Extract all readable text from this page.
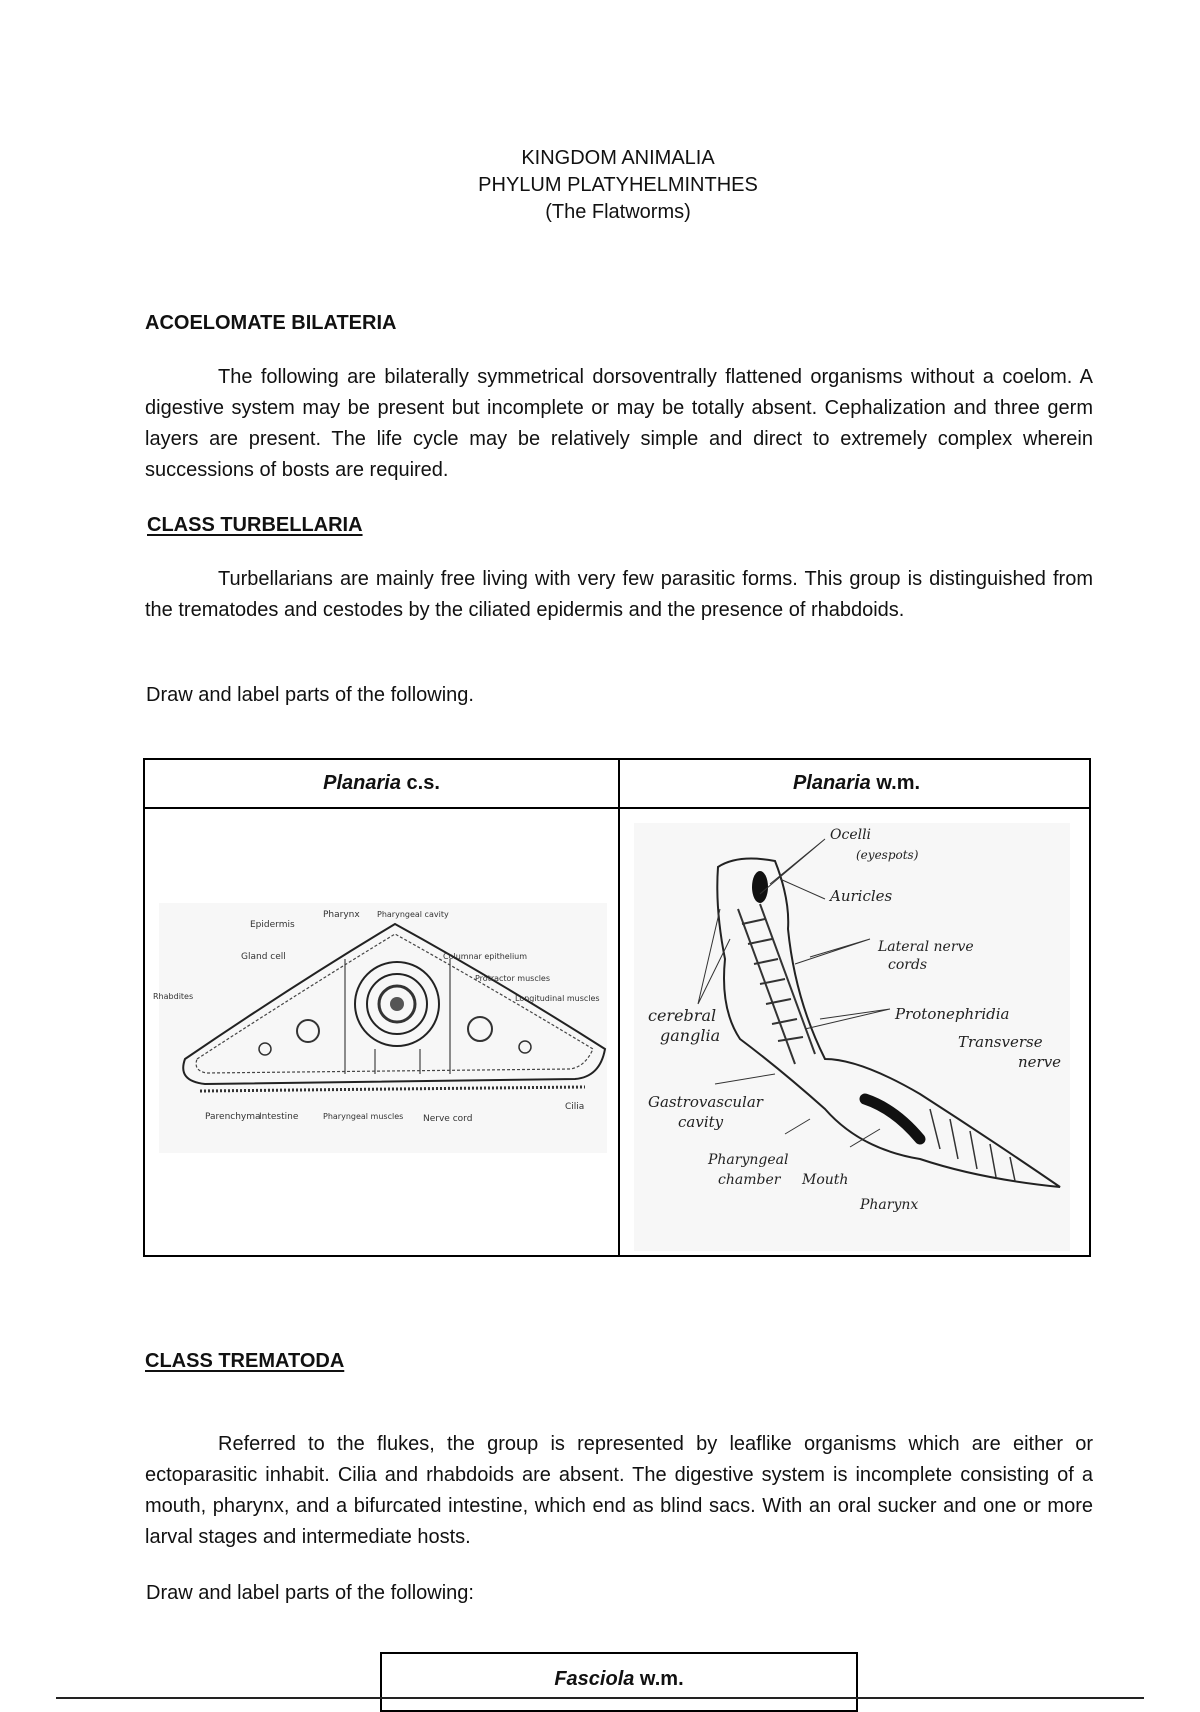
KINGDOM ANIMALIA
PHYLUM PLATYHELMINTHES
(The Flatworms)
ACOELOMATE BILATERIA
The following are bilaterally symmetrical dorsoventrally flattened organisms without a coelom. A digestive system may be present but incomplete or may be totally absent. Cephalization and three germ layers are present. The life cycle may be relatively simple and direct to extremely complex wherein successions of bosts are required.
CLASS TURBELLARIA
Turbellarians are mainly free living with very few parasitic forms. This group is distinguished from the trematodes and cestodes by the ciliated epidermis and the presence of rhabdoids.
Draw and label parts of the following.
Planaria c.s.	Planaria w.m.
Epidermis
Pharynx Pharyngeal cavity
Gland cell	Columnar epithelium
Protractor muscles
Longitudinal muscles
Rhabdites
Parenchyma
Intestine	Pharyngeal muscles Nerve cord
Cilia
Ocelli
(eyespots)
Auricles
Lateral nerve
cords
cerebral
ganglia
Protonephridia
Transverse
nerve
Gastrovascular
cavity
Pharyngeal
chamber Mouth
Pharynx
CLASS TREMATODA
Referred to the flukes, the group is represented by leaflike organisms which are either or ectoparasitic inhabit. Cilia and rhabdoids are absent. The digestive system is incomplete consisting of a mouth, pharynx, and a bifurcated intestine, which end as blind sacs. With an oral sucker and one or more larval stages and intermediate hosts.
Draw and label parts of the following:
Fasciola w.m.
